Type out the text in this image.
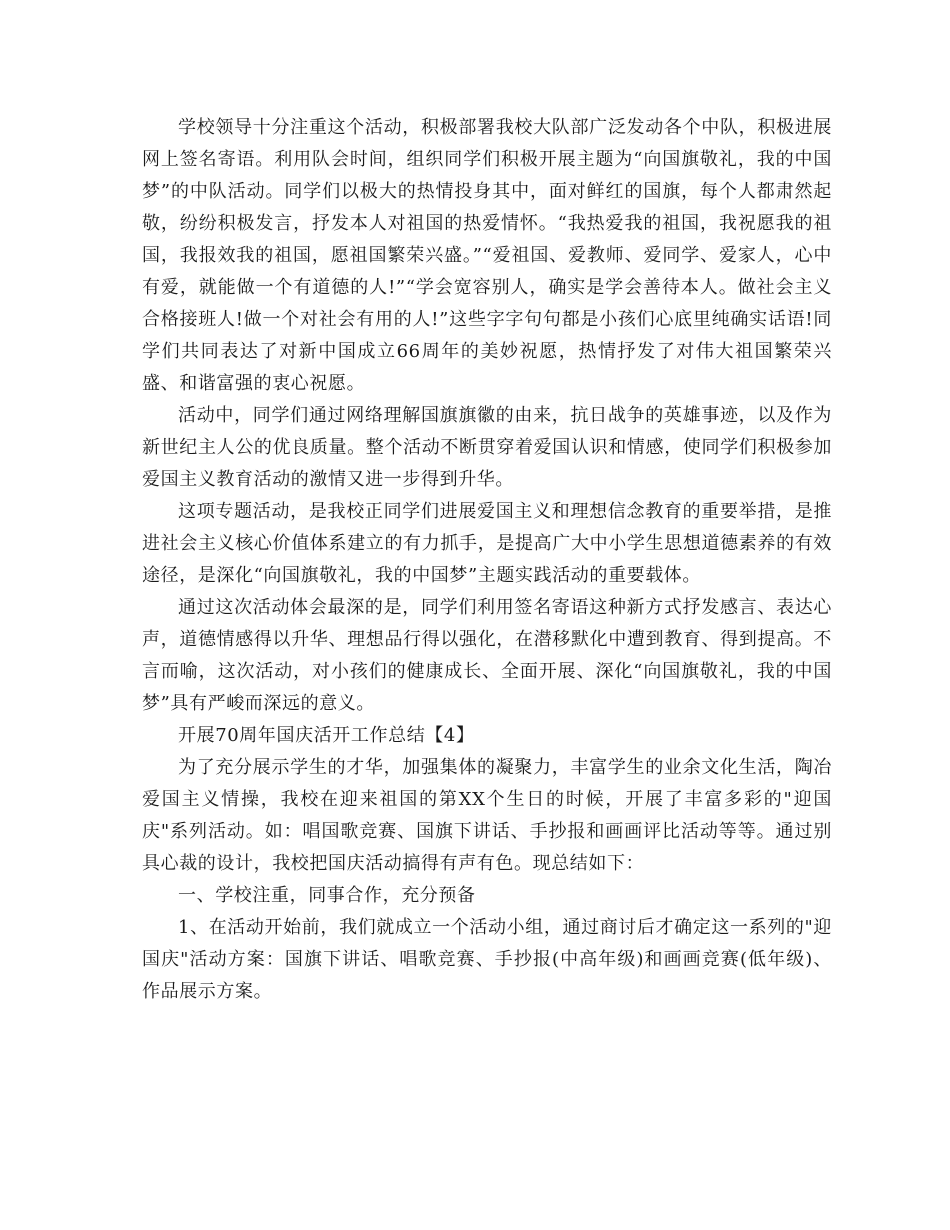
学校领导十分注重这个活动，积极部署我校大队部广泛发动各个中队，积极进展网上签名寄语。利用队会时间，组织同学们积极开展主题为“向国旗敬礼，我的中国梦”的中队活动。同学们以极大的热情投身其中，面对鲜红的国旗，每个人都肃然起敬，纷纷积极发言，抒发本人对祖国的热爱情怀。“我热爱我的祖国，我祝愿我的祖国，我报效我的祖国，愿祖国繁荣兴盛。”“爱祖国、爱教师、爱同学、爱家人，心中有爱，就能做一个有道德的人!”“学会宽容别人，确实是学会善待本人。做社会主义合格接班人!做一个对社会有用的人!”这些字字句句都是小孩们心底里纯确实话语!同学们共同表达了对新中国成立66周年的美妙祝愿，热情抒发了对伟大祖国繁荣兴盛、和谐富强的衷心祝愿。

活动中，同学们通过网络理解国旗旗徽的由来，抗日战争的英雄事迹，以及作为新世纪主人公的优良质量。整个活动不断贯穿着爱国认识和情感，使同学们积极参加爱国主义教育活动的激情又进一步得到升华。

这项专题活动，是我校正同学们进展爱国主义和理想信念教育的重要举措，是推进社会主义核心价值体系建立的有力抓手，是提高广大中小学生思想道德素养的有效途径，是深化“向国旗敬礼，我的中国梦”主题实践活动的重要载体。

通过这次活动体会最深的是，同学们利用签名寄语这种新方式抒发感言、表达心声，道德情感得以升华、理想品行得以强化，在潜移默化中遭到教育、得到提高。不言而喻，这次活动，对小孩们的健康成长、全面开展、深化“向国旗敬礼，我的中国梦”具有严峻而深远的意义。

开展70周年国庆活开工作总结【4】

为了充分展示学生的才华，加强集体的凝聚力，丰富学生的业余文化生活，陶冶爱国主义情操，我校在迎来祖国的第XX个生日的时候，开展了丰富多彩的"迎国庆"系列活动。如：唱国歌竞赛、国旗下讲话、手抄报和画画评比活动等等。通过别具心裁的设计，我校把国庆活动搞得有声有色。现总结如下：

一、学校注重，同事合作，充分预备

1、在活动开始前，我们就成立一个活动小组，通过商讨后才确定这一系列的"迎国庆"活动方案：国旗下讲话、唱歌竞赛、手抄报(中高年级)和画画竞赛(低年级)、作品展示方案。
